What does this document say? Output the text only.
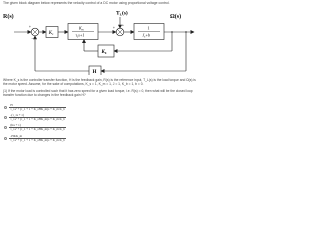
The given block diagram below represents the velocity control of a DC motor using proportional voltage control.
+
−
$K_s$
$K_m$
$\tau_1s+1$
+
+
$T_L(s)$
1
$J_s+b$
$K_b$
H
R(s)	Ω(s)
Where K_s is the controller transfer function, H is the feedback gain, R(s) is the reference input, T_L(s) is the load torque and Ω(s) is the motor speed. Assume, for the sake of computations, K_s = 1, K_m = 1, J = 1, K_b = 1, b = 0.
(1) If the motor load is controlled such that it has zero speed for a given load torque, i.e. R(s) = 0, then what will be the closed loop transfer function due to changes in the feedback gain H?
$\frac{H}{\text{τ\_1s² + (τ\_1 + 1 + K\_sHK\_m)s + K\_m K\_b}}$
$\frac{-(\tau\_1s + 1)}{\text{τ\_1s² + (τ\_1 + 1 + K\_sHK\_m)s + K\_m K\_b}}$
$\frac{(Ks + 1)}{\text{τ\_1s² + (τ\_1 + 1 + K\_sHK\_m)s + K\_m K\_b}}$
$\frac{\text{-HKK\_m}}{\text{τ\_1s² + (τ\_1 + 1 + K\_sHK\_m)s + K\_m K\_b}}$
